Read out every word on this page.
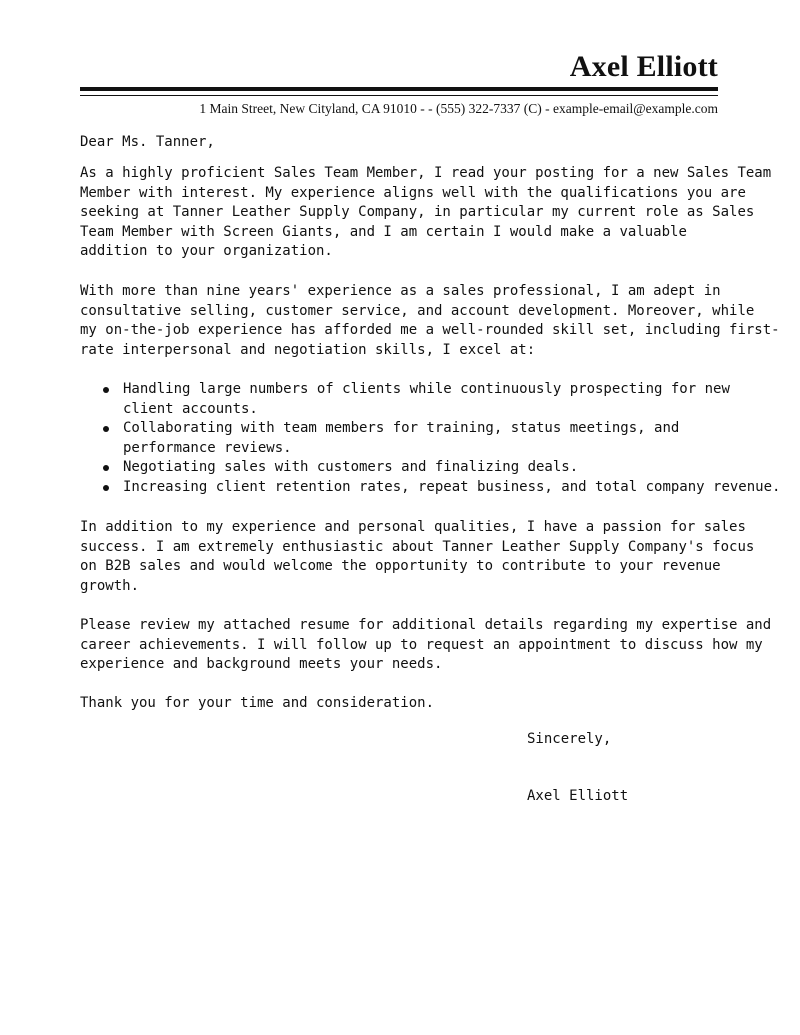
Axel Elliott
1 Main Street, New Cityland, CA 91010 - - (555) 322-7337 (C) - example-email@example.com
Dear Ms. Tanner,
As a highly proficient Sales Team Member, I read your posting for a new Sales Team
Member with interest. My experience aligns well with the qualifications you are
seeking at Tanner Leather Supply Company, in particular my current role as Sales
Team Member with Screen Giants, and I am certain I would make a valuable
addition to your organization.
With more than nine years' experience as a sales professional, I am adept in
consultative selling, customer service, and account development. Moreover, while
my on-the-job experience has afforded me a well-rounded skill set, including first-
rate interpersonal and negotiation skills, I excel at:
Handling large numbers of clients while continuously prospecting for new
client accounts.
Collaborating with team members for training, status meetings, and
performance reviews.
Negotiating sales with customers and finalizing deals.
Increasing client retention rates, repeat business, and total company revenue.
In addition to my experience and personal qualities, I have a passion for sales
success. I am extremely enthusiastic about Tanner Leather Supply Company's focus
on B2B sales and would welcome the opportunity to contribute to your revenue
growth.
Please review my attached resume for additional details regarding my expertise and
career achievements. I will follow up to request an appointment to discuss how my
experience and background meets your needs.
Thank you for your time and consideration.
Sincerely,
Axel Elliott
